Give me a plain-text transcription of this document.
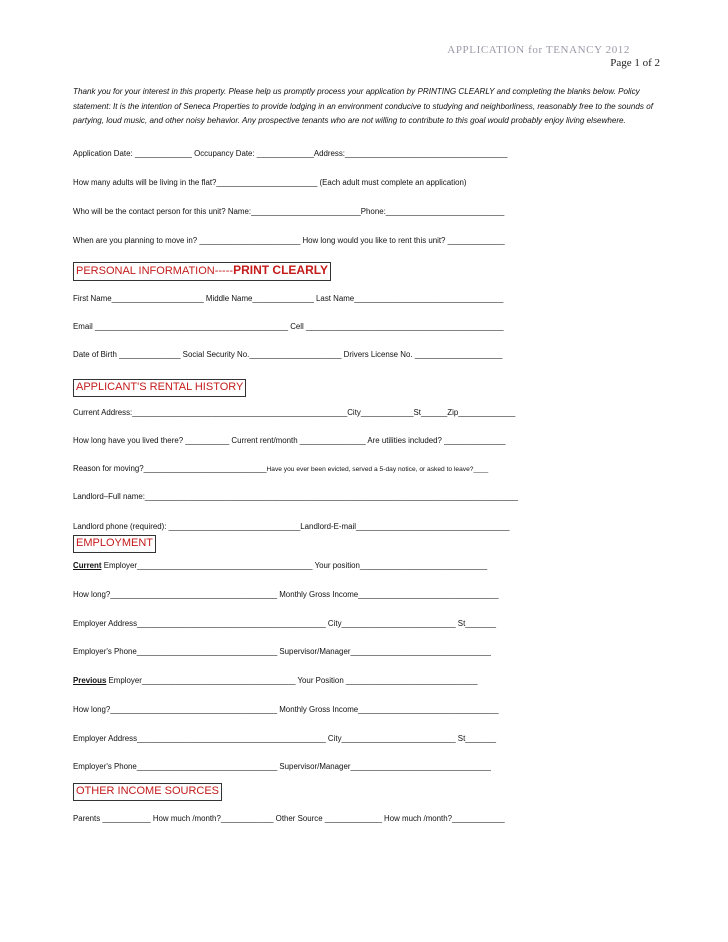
APPLICATION for TENANCY 2012
Page 1 of 2
Thank you for your interest in this property. Please help us promptly process your application by PRINTING CLEARLY and completing the blanks below. Policy statement: It is the intention of Seneca Properties to provide lodging in an environment conducive to studying and neighborliness, reasonably free to the sounds of partying, loud music, and other noisy behavior. Any prospective tenants who are not willing to contribute to this goal would probably enjoy living elsewhere.
Application Date: _____________ Occupancy Date: _____________Address:_____________________________________
How many adults will be living in the flat?_______________________ (Each adult must complete an application)
Who will be the contact person for this unit? Name:_________________________Phone:___________________________
When are you planning to move in? _______________________ How long would you like to rent this unit? _____________
PERSONAL INFORMATION-----PRINT CLEARLY
First Name_____________________ Middle Name______________ Last Name__________________________________
Email ____________________________________________ Cell _____________________________________________
Date of Birth ______________ Social Security No._____________________ Drivers License No. ____________________
APPLICANT'S RENTAL HISTORY
Current Address:_________________________________________________City____________St______Zip_____________
How long have you lived there? __________ Current rent/month _______________ Are utilities included? ______________
Reason for moving?____________________________Have you ever been evicted, served a 5-day notice, or asked to leave?____
Landlord–Full name:_____________________________________________________________________________________
Landlord phone (required): ______________________________Landlord-E-mail___________________________________
EMPLOYMENT
Current Employer________________________________________ Your position_____________________________
How long?______________________________________ Monthly Gross Income________________________________
Employer Address___________________________________________ City__________________________ St_______
Employer's Phone________________________________ Supervisor/Manager________________________________
Previous Employer___________________________________ Your Position ______________________________
How long?______________________________________ Monthly Gross Income________________________________
Employer Address___________________________________________ City__________________________ St_______
Employer's Phone________________________________ Supervisor/Manager________________________________
OTHER INCOME SOURCES
Parents ___________ How much /month?____________ Other Source _____________ How much /month?____________
